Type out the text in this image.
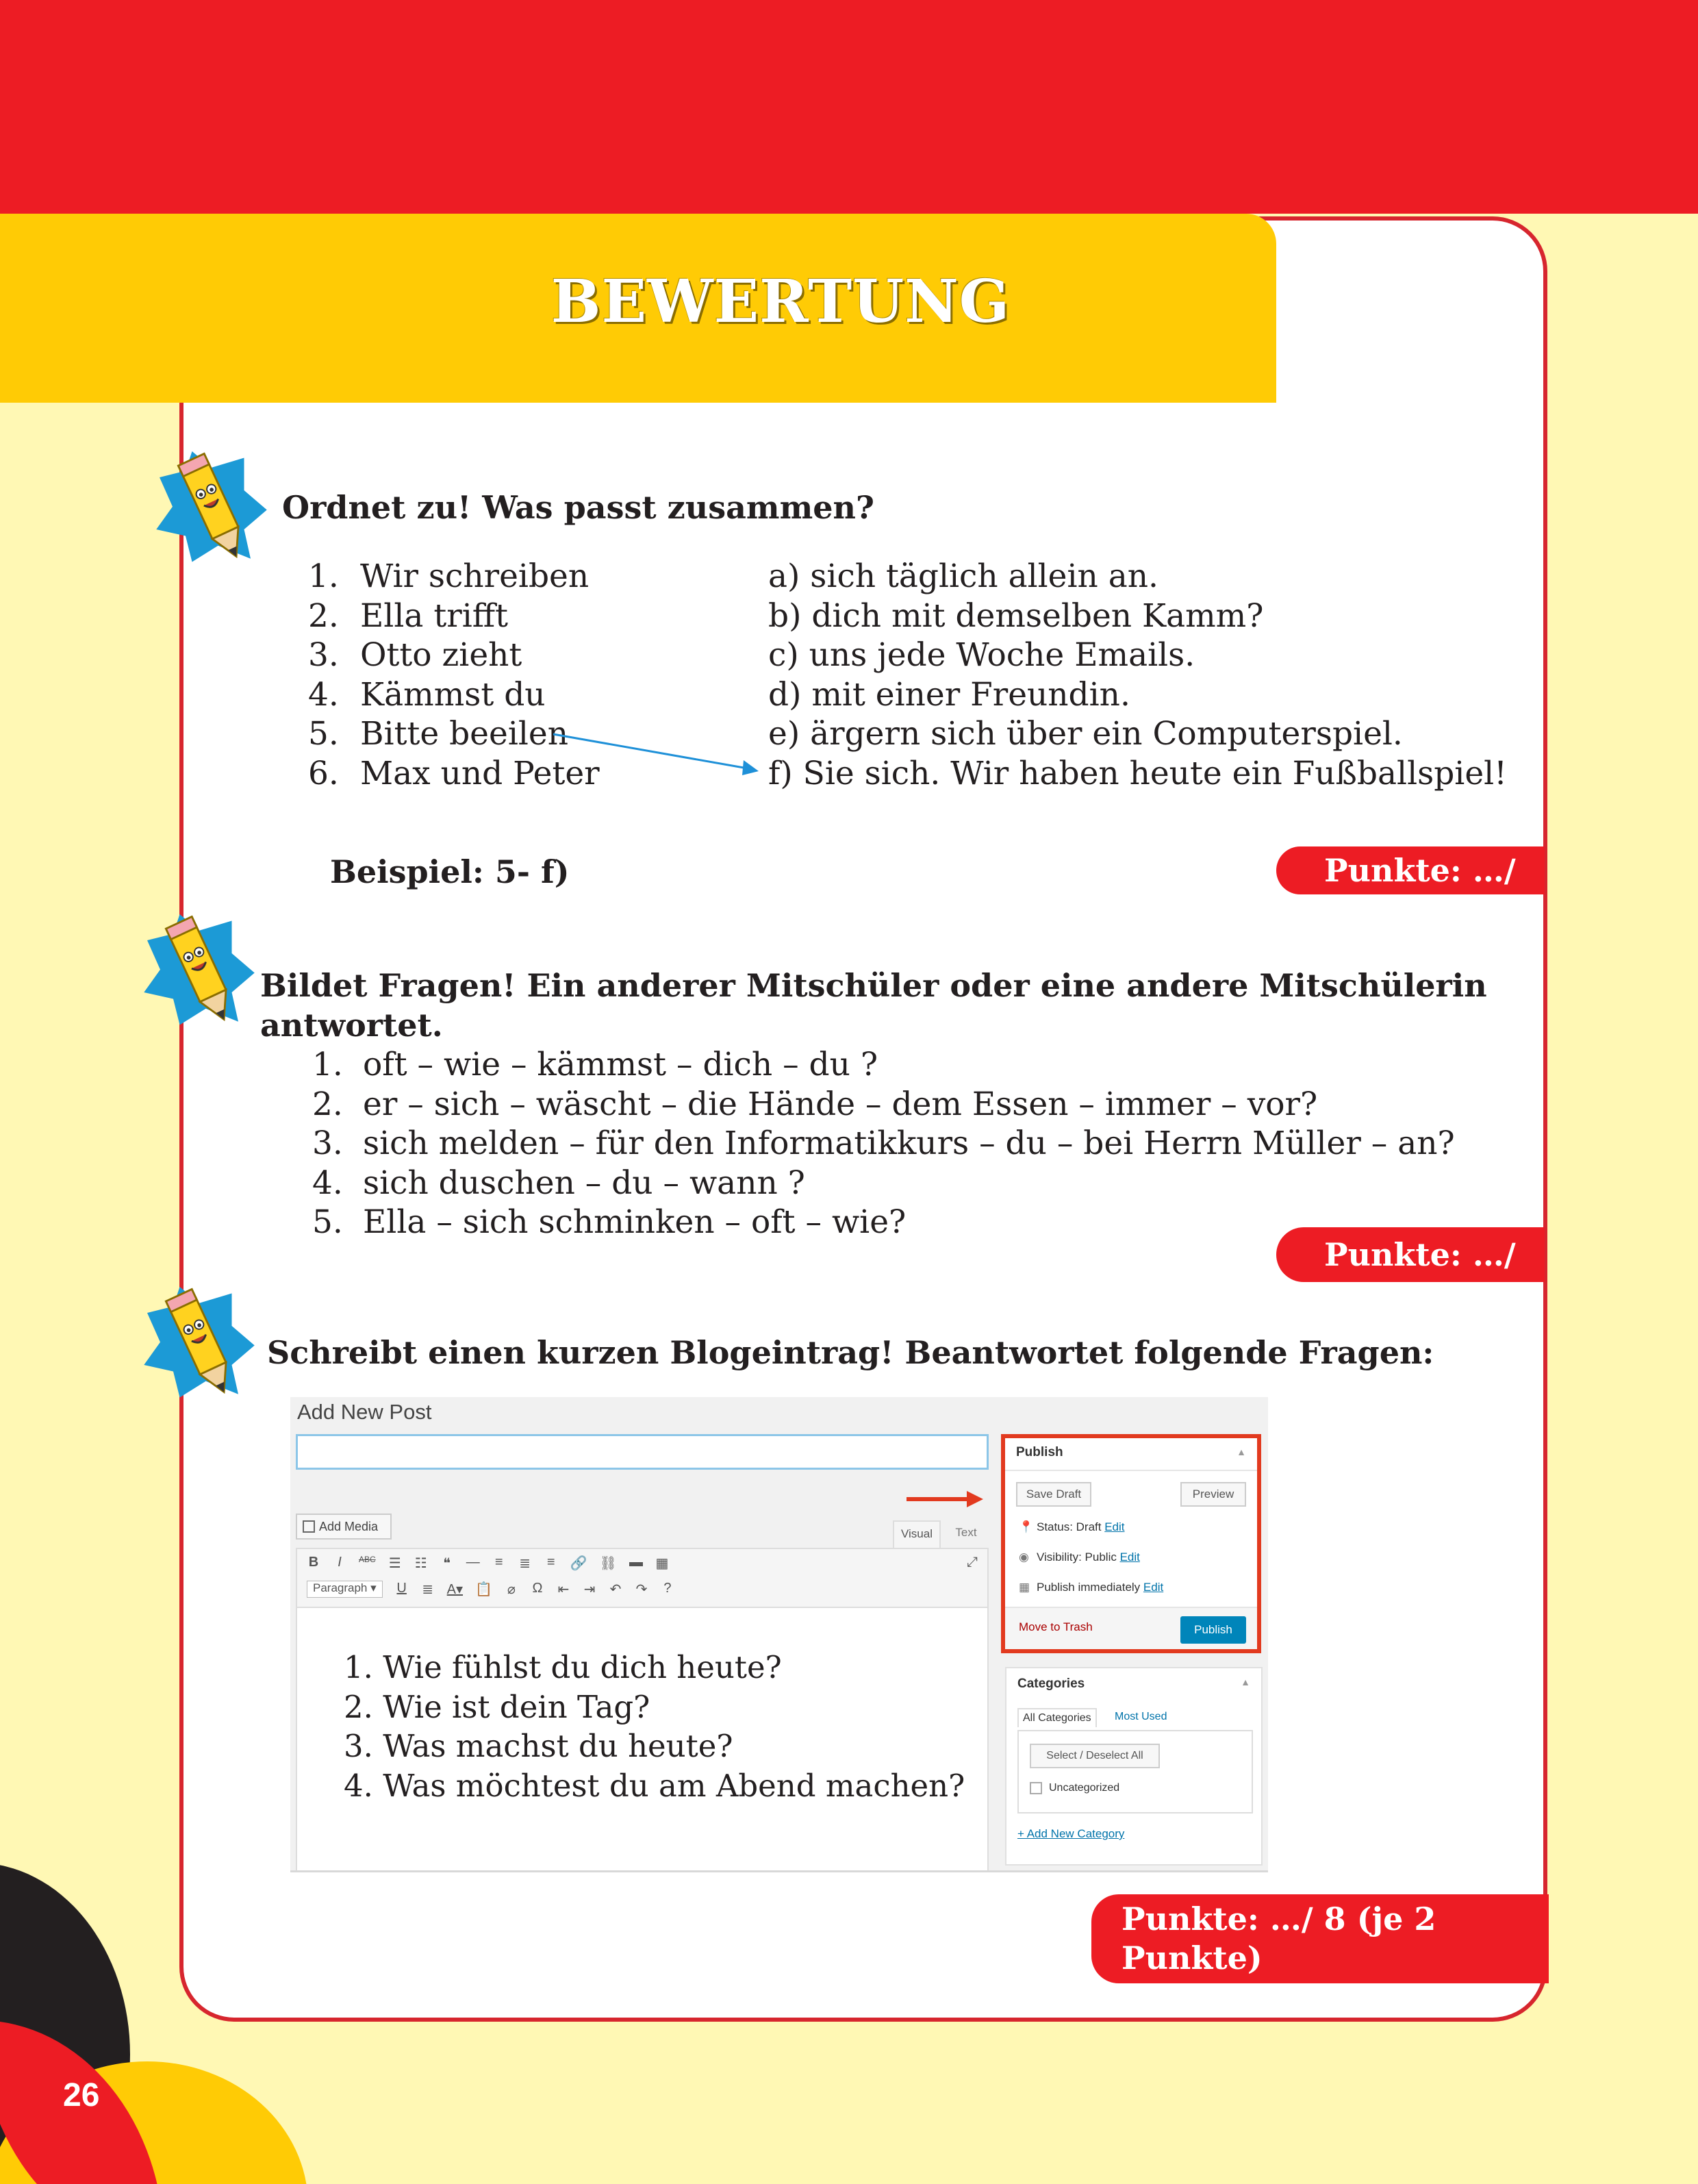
26
BEWERTUNG
Ordnet zu! Was passt zusammen?
1. Wir schreiben
2. Ella trifft
3. Otto zieht
4. Kämmst du
5. Bitte beeilen
6. Max und Peter
a) sich täglich allein an.
b) dich mit demselben Kamm?
c) uns jede Woche Emails.
d) mit einer Freundin.
e) ärgern sich über ein Computerspiel.
f) Sie sich. Wir haben heute ein Fußballspiel!
Beispiel: 5- f)	Punkte: …/ 5
Bildet Fragen! Ein anderer Mitschüler oder eine andere Mitschülerin
antwortet.
1. oft – wie – kämmst – dich – du ?
2. er – sich – wäscht – die Hände – dem Essen – immer – vor?
3. sich melden – für den Informatikkurs – du – bei Herrn Müller – an?
4. sich duschen – du – wann ?
5. Ella – sich schminken – oft – wie?
Punkte: …/ 5
Schreibt einen kurzen Blogeintrag! Beantwortet folgende Fragen:
Add New Post
Add Media
Visual	Text
B	I	ABC ☰ ☷ ❝ — ≡ ≣ ≡ 🔗 ⛓ ▬ ▦
Paragraph ▾	U ≣ A▾ 📋 ⌀ Ω ⇤ ⇥ ↶ ↷ ?
⤢
1. Wie fühlst du dich heute?
2. Wie ist dein Tag?
3. Was machst du heute?
4. Was möchtest du am Abend machen?
Publish	▲
Save Draft	Preview
📍 Status: Draft Edit
◉ Visibility: Public Edit
▦ Publish immediately Edit
Move to Trash	Publish
Categories	▲
All Categories	Most Used
Select / Deselect All
Uncategorized
+ Add New Category
Punkte: …/ 8 (je 2 Punkte)
Insgesamt…/ 18
